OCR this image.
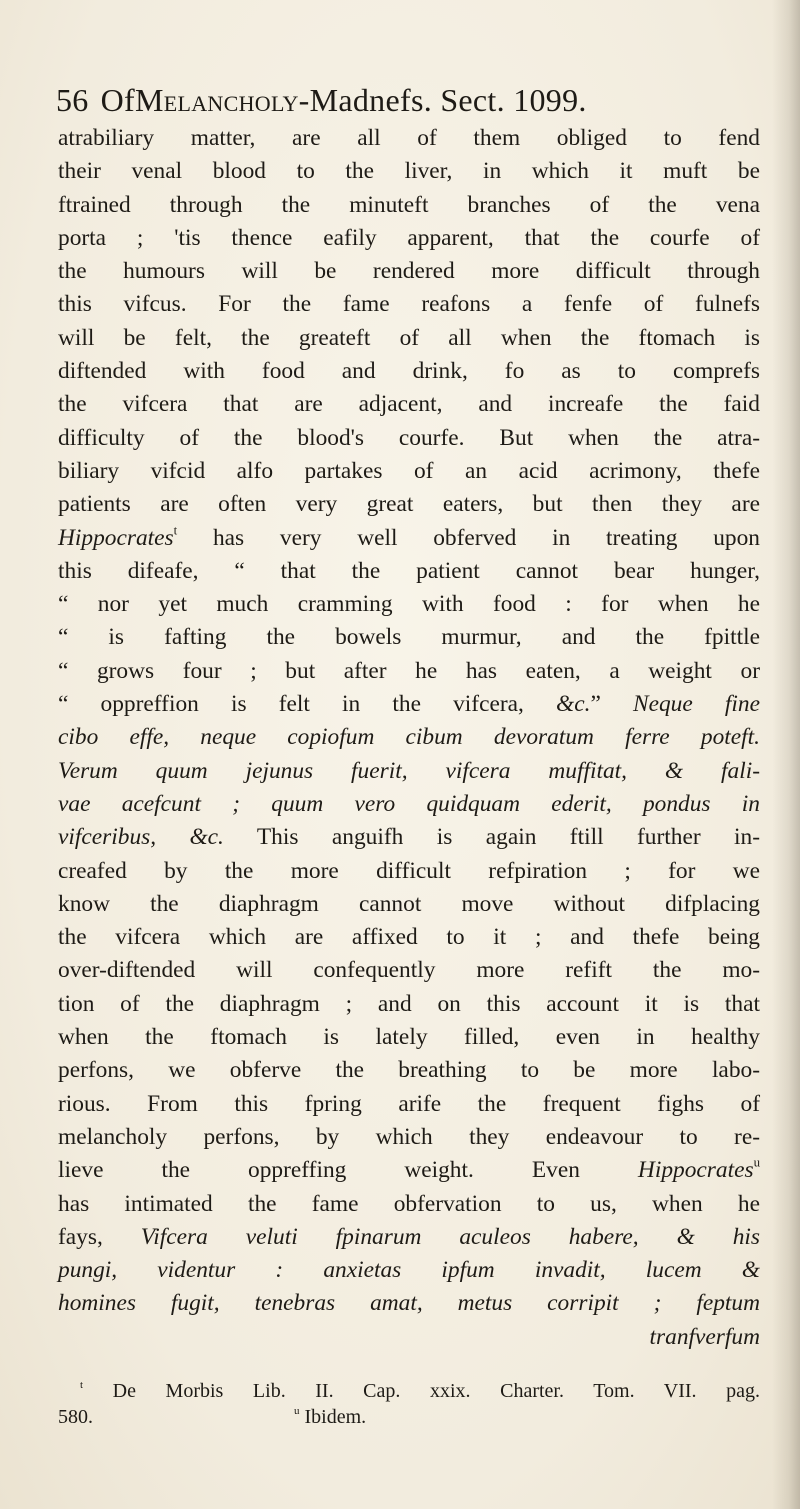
56 OfMelancholy-Madnefs. Sect. 1099.
atrabiliary matter, are all of them obliged to fend
their venal blood to the liver, in which it muft be
ftrained through the minuteft branches of the vena
porta ; 'tis thence eafily apparent, that the courfe of
the humours will be rendered more difficult through
this vifcus. For the fame reafons a fenfe of fulnefs
will be felt, the greateft of all when the ftomach is
diftended with food and drink, fo as to comprefs
the vifcera that are adjacent, and increafe the faid
difficulty of the blood's courfe. But when the atra-
biliary vifcid alfo partakes of an acid acrimony, thefe
patients are often very great eaters, but then they are
Hippocrates$^t$ has very well obferved in treating upon
this difeafe, “ that the patient cannot bear hunger,
“ nor yet much cramming with food : for when he
“ is fafting the bowels murmur, and the fpittle
“ grows four ; but after he has eaten, a weight or
“ oppreffion is felt in the vifcera, &c.” Neque fine
cibo effe, neque copiofum cibum devoratum ferre poteft.
Verum quum jejunus fuerit, vifcera muffitat, & fali-
vae acefcunt ; quum vero quidquam ederit, pondus in
vifceribus, &c. This anguifh is again ftill further in-
creafed by the more difficult refpiration ; for we
know the diaphragm cannot move without difplacing
the vifcera which are affixed to it ; and thefe being
over-diftended will confequently more refift the mo-
tion of the diaphragm ; and on this account it is that
when the ftomach is lately filled, even in healthy
perfons, we obferve the breathing to be more labo-
rious. From this fpring arife the frequent fighs of
melancholy perfons, by which they endeavour to re-
lieve the oppreffing weight. Even Hippocrates$^u$
has intimated the fame obfervation to us, when he
fays, Vifcera veluti fpinarum aculeos habere, & his
pungi, videntur : anxietas ipfum invadit, lucem &
homines fugit, tenebras amat, metus corripit ; feptum
tranfverfum
$^t$ De Morbis Lib. II. Cap. xxix. Charter. Tom. VII. pag.
580.	$^u$ Ibidem.
